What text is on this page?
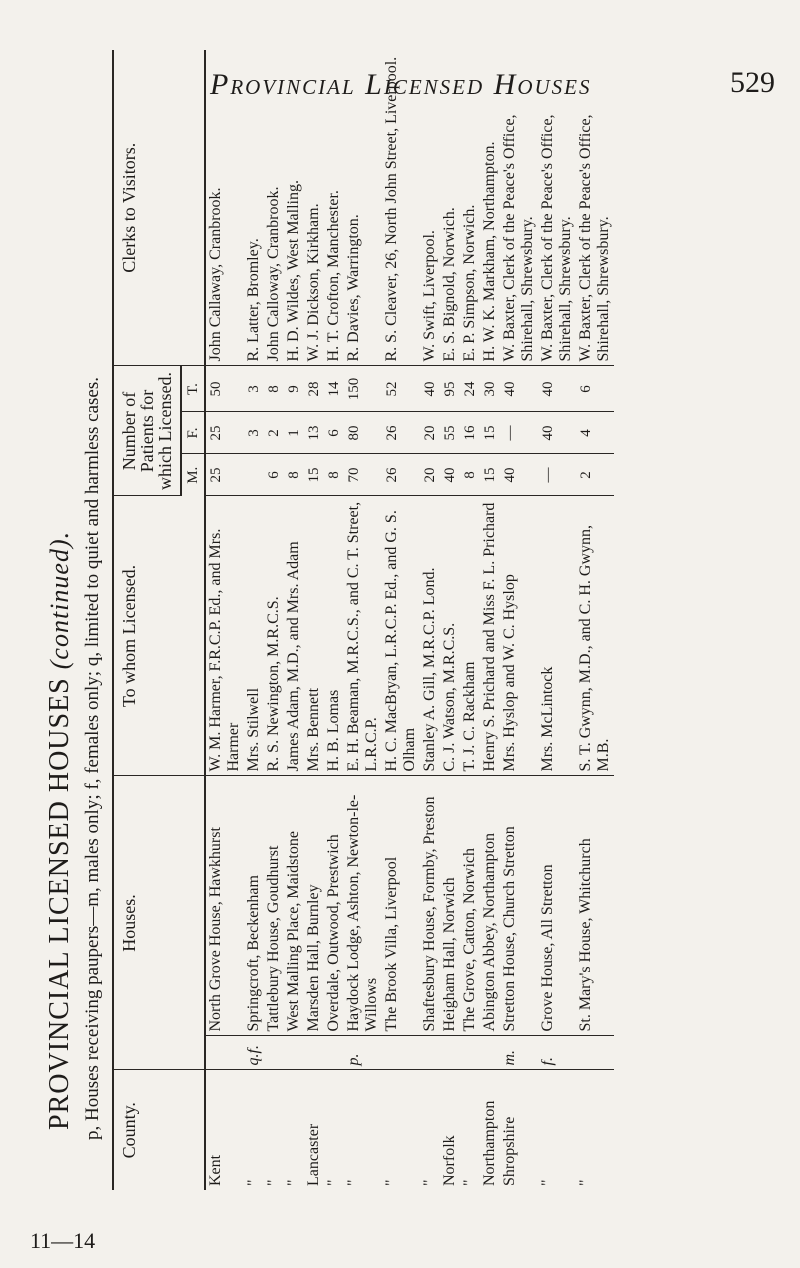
Provincial Licensed Houses	529
11—14
PROVINCIAL LICENSED HOUSES (continued). p, Houses receiving paupers—m, males only; f, females only; q, limited to quiet and harmless cases. County.	Houses.		To whom Licensed.	Number of Patients for which Licensed.			Clerks to Visitors.
				M.	F.	T.	
Kent		North Grove House, Hawkhurst	W. M. Harmer, F.R.C.P. Ed., and Mrs. Harmer	25	25	50	John Callaway, Cranbrook.
"	q.f.	Springcroft, Beckenham	Mrs. Stilwell		3	3	R. Latter, Bromley.
"		Tattlebury House, Goudhurst	R. S. Newington, M.R.C.S.	6	2	8	John Calloway, Cranbrook.
"		West Malling Place, Maidstone	James Adam, M.D., and Mrs. Adam	8	1	9	H. D. Wildes, West Malling.
Lancaster		Marsden Hall, Burnley	Mrs. Bennett	15	13	28	W. J. Dickson, Kirkham.
"		Overdale, Outwood, Prestwich	H. B. Lomas	8	6	14	H. T. Crofton, Manchester.
"	p.	Haydock Lodge, Ashton, Newton-le-Willows	E. H. Beaman, M.R.C.S., and C. T. Street, L.R.C.P.	70	80	150	R. Davies, Warrington.
"		The Brook Villa, Liverpool	H. C. MacBryan, L.R.C.P. Ed., and G. S. Olham	26	26	52	R. S. Cleaver, 26, North John Street, Liverpool.
"		Shaftesbury House, Formby, Preston	Stanley A. Gill, M.R.C.P. Lond.	20	20	40	W. Swift, Liverpool.
Norfolk		Heigham Hall, Norwich	C. J. Watson, M.R.C.S.	40	55	95	E. S. Bignold, Norwich.
"		The Grove, Catton, Norwich	T. J. C. Rackham	8	16	24	E. P. Simpson, Norwich.
Northampton		Abington Abbey, Northampton	Henry S. Prichard and Miss F. L. Prichard	15	15	30	H. W. K. Markham, Northampton.
Shropshire	m.	Stretton House, Church Stretton	Mrs. Hyslop and W. C. Hyslop	40	—	40	W. Baxter, Clerk of the Peace's Office, Shirehall, Shrewsbury.
"	f.	Grove House, All Stretton	Mrs. McLintock	—	40	40	W. Baxter, Clerk of the Peace's Office, Shirehall, Shrewsbury.
"		St. Mary's House, Whitchurch	S. T. Gwynn, M.D., and C. H. Gwynn, M.B.	2	4	6	W. Baxter, Clerk of the Peace's Office, Shirehall, Shrewsbury.
